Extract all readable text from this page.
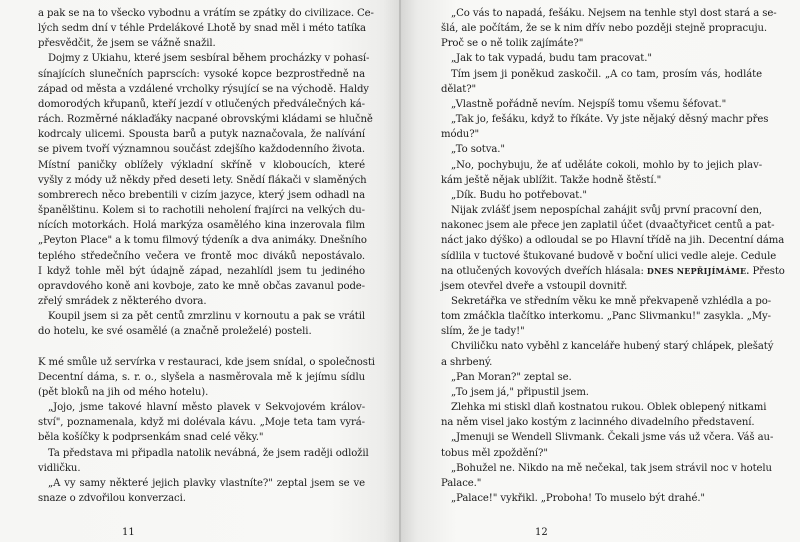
a pak se na to všecko vybodnu a vrátím se zpátky do civilizace. Ce-
lých sedm dní v téhle Prdelákové Lhotě by snad měl i méto tatíka
přesvědčit, že jsem se vážně snažil.
Dojmy z Ukiahu, které jsem sesbíral během procházky v pohasí-
sínajících slunečních paprscích: vysoké kopce bezprostředně na
západ od města a vzdálené vrcholky rýsující se na východě. Haldy
domorodých křupanů, kteří jezdí v otlučených předválečných ká-
rách. Rozměrné náklaďáky nacpané obrovskými kládami se hlučně
kodrcaly ulicemi. Spousta barů a putyk naznačovala, že nalívání
se pivem tvoří významnou součást zdejšího každodenního života.
Místní paničky oblížely výkladní skříně v kloboucích, které
vyšly z módy už někdy před deseti lety. Snědí flákači v slaměných
sombrerech něco brebentili v cizím jazyce, který jsem odhadl na
španělštinu. Kolem si to rachotili neholení frajírci na velkých du-
nících motorkách. Holá markýza osamělého kina inzerovala film
„Peyton Place" a k tomu filmový týdeník a dva animáky. Dnešního
teplého středečního večera ve frontě moc diváků nepostávalo.
I když tohle měl být údajně západ, nezahlídl jsem tu jediného
opravdového koně ani kovboje, zato ke mně občas zavanul pode-
zřelý smrádek z některého dvora.
Koupil jsem si za pět centů zmrzlinu v kornoutu a pak se vrátil
do hotelu, ke své osamělé (a značně proleželé) posteli.
K mé smůle už servírka v restauraci, kde jsem snídal, o společnosti
Decentní dáma, s. r. o., slyšela a nasměrovala mě k jejímu sídlu
(pět bloků na jih od mého hotelu).
„Jojo, jsme takové hlavní město plavek v Sekvojovém králov-
ství", poznamenala, když mi dolévala kávu. „Moje teta tam vyrá-
běla košíčky k podprsenkám snad celé věky."
Ta představa mi připadla natolik nevábná, že jsem raději odložil
vidličku.
„A vy samy některé jejich plavky vlastníte?" zeptal jsem se ve
snaze o zdvořilou konverzaci.
11
„Co vás to napadá, fešáku. Nejsem na tenhle styl dost stará a se-
šlá, ale počítám, že se k nim dřív nebo později stejně propracuju.
Proč se o ně tolik zajímáte?"
„Jak to tak vypadá, budu tam pracovat."
Tím jsem ji poněkud zaskočil. „A co tam, prosím vás, hodláte
dělat?"
„Vlastně pořádně nevím. Nejspíš tomu všemu šéfovat."
„Tak jo, fešáku, když to říkáte. Vy jste nějaký děsný machr přes
módu?"
„To sotva."
„No, pochybuju, že ať uděláte cokoli, mohlo by to jejich plav-
kám ještě nějak ublížit. Takže hodně štěstí."
„Dík. Budu ho potřebovat."
Nijak zvlášť jsem nepospíchal zahájit svůj první pracovní den,
nakonec jsem ale přece jen zaplatil účet (dvaačtyřicet centů a pat-
náct jako dýško) a odloudal se po Hlavní třídě na jih. Decentní dáma
sídlila v tuctové štukované budově v boční ulici vedle aleje. Cedule
na otlučených kovových dveřích hlásala: DNES NEPŘIJÍMÁME. Přesto
jsem otevřel dveře a vstoupil dovnitř.
Sekretářka ve středním věku ke mně překvapeně vzhlédla a po-
tom zmáčkla tlačítko interkomu. „Panc Slivmanku!" zasykla. „My-
slím, že je tady!"
Chviličku nato vyběhl z kanceláře hubený starý chlápek, plešatý
a shrbený.
„Pan Moran?" zeptal se.
„To jsem já," připustil jsem.
Zlehka mi stiskl dlaň kostnatou rukou. Oblek oblepený nitkami
na něm visel jako kostým z lacinného divadelního představení.
„Jmenuji se Wendell Slivmank. Čekali jsme vás už včera. Váš au-
tobus měl zpoždění?"
„Bohužel ne. Nikdo na mě nečekal, tak jsem strávil noc v hotelu
Palace."
„Palace!" vykřikl. „Proboha! To muselo být drahé."
12
